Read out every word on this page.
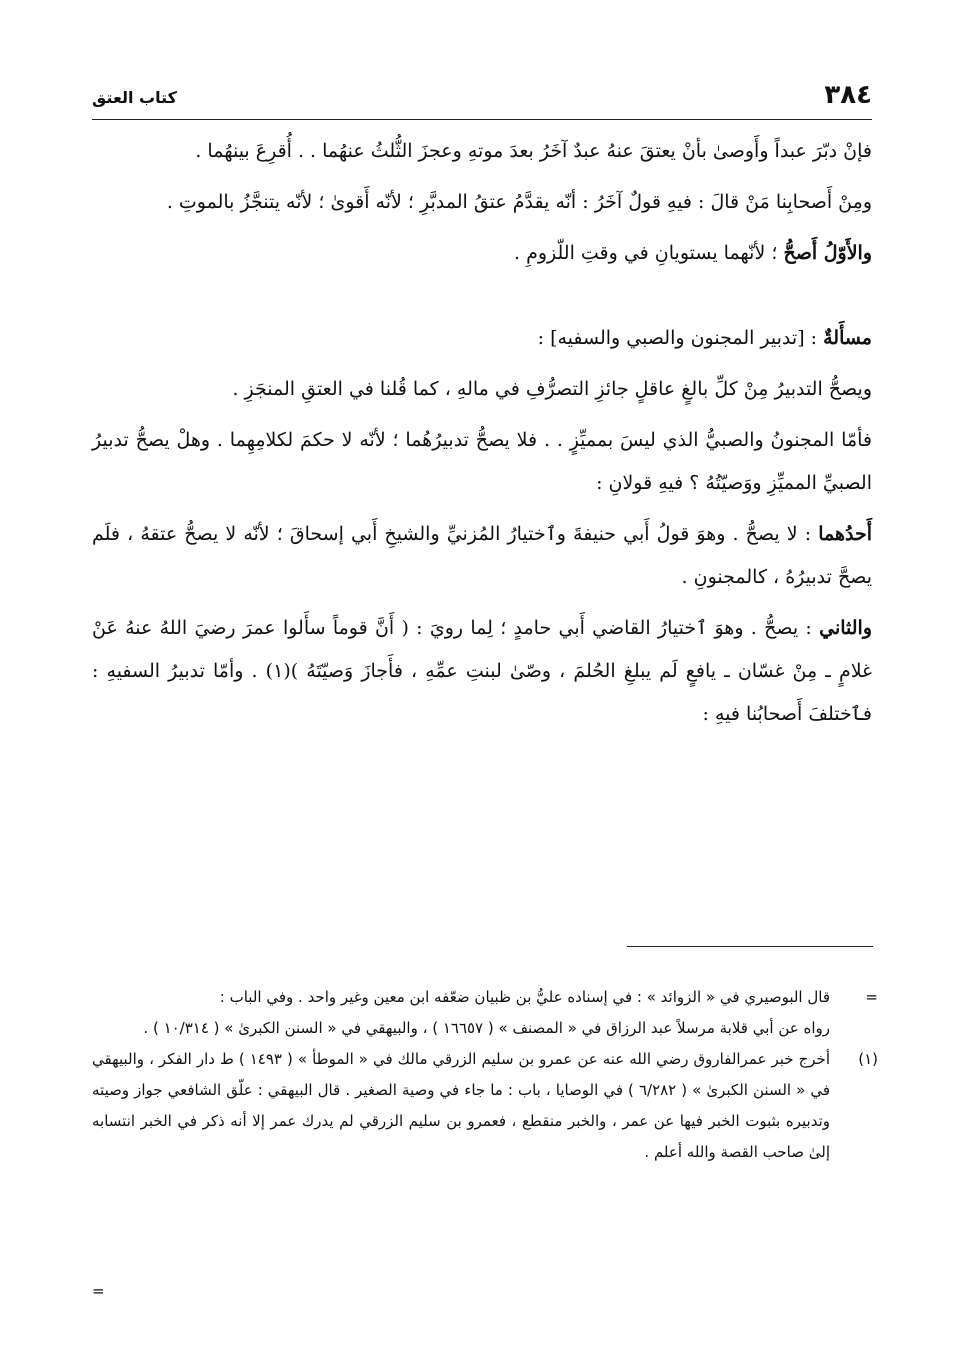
٣٨٤
كتاب العتق

فإنْ دبّرَ عبداً وأَوصىٰ بأنْ يعتقَ عنهُ عبدٌ آخَرُ بعدَ موتهِ وعجزَ الثُّلثُ عنهُما . . أُقرِعَ بينهُما .

ومِنْ أَصحابِنا مَنْ قالَ : فيهِ قولٌ آخَرُ : أنّه يقدَّمُ عتقُ المدبَّرِ ؛ لأنّه أَقوىٰ ؛ لأنّه يتنجَّزُ بالموتِ .

والأَوّلُ أَصحُّ ؛ لأنّهما يستويانِ في وقتِ اللّزومِ .

مسأَلةٌ : [تدبير المجنون والصبي والسفيه] :

ويصحُّ التدبيرُ مِنْ كلِّ بالغٍ عاقلٍ جائزِ التصرُّفِ في مالهِ ، كما قُلنا في العتقِ المنجَزِ .

فأمّا المجنونُ والصبيُّ الذي ليسَ بمميِّزٍ . . فلا يصحُّ تدبيرُهُما ؛ لأنّه لا حكمَ لكلامِهِما . وهلْ يصحُّ تدبيرُ الصبيِّ المميِّزِ ووَصيّتُهُ ؟ فيهِ قولانِ :

أَحدُهما : لا يصحُّ . وهوَ قولُ أَبي حنيفةَ وٱختيارُ المُزنيِّ والشيخِ أَبي إسحاقَ ؛ لأنّه لا يصحُّ عتقهُ ، فلَم يصحَّ تدبيرُهُ ، كالمجنونِ .

والثاني : يصحُّ . وهوَ ٱختيارُ القاضي أَبي حامدٍ ؛ لِما رويَ : ( أَنَّ قوماً سأَلوا عمرَ رضيَ اللهُ عنهُ عَنْ غلامٍ ـ مِنْ غسّان ـ يافعٍ لَم يبلغِ الحُلمَ ، وصّىٰ لبنتِ عمِّهِ ، فأَجازَ وَصيّتَهُ )(١) . وأمّا تدبيرُ السفيهِ : فٱختلفَ أَصحابُنا فيهِ :

=

قال البوصيري في « الزوائد » : في إسناده عليُّ بن ظبيان ضعّفه ابن معين وغير واحد . وفي الباب :

رواه عن أبي قلابة مرسلاً عبد الرزاق في « المصنف » ( ١٦٦٥٧ ) ، والبيهقي في « السنن الكبرىٰ » ( ١٠/٣١٤ ) .

(١)

أخرج خبر عمرالفاروق رضي الله عنه عن عمرو بن سليم الزرقي مالك في « الموطأ » ( ١٤٩٣ ) ط دار الفكر ، والبيهقي في « السنن الكبرىٰ » ( ٦/٢٨٢ ) في الوصايا ، باب : ما جاء في وصية الصغير . قال البيهقي : علّق الشافعي جواز وصيته وتدبيره بثبوت الخبر فيها عن عمر ، والخبر منقطع ، فعمرو بن سليم الزرقي لم يدرك عمر إلا أنه ذكر في الخبر انتسابه إلىٰ صاحب القصة والله أعلم .

=
